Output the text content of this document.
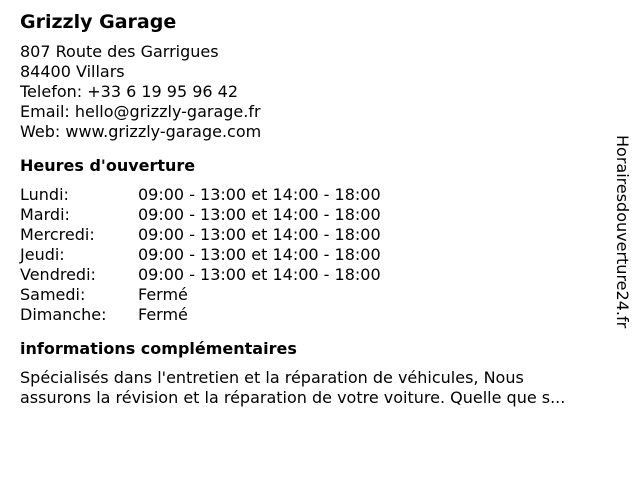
Grizzly Garage
807 Route des Garrigues
84400 Villars
Telefon: +33 6 19 95 96 42
Email: hello@grizzly-garage.fr
Web: www.grizzly-garage.com
Heures d'ouverture
Lundi:	09:00 - 13:00 et 14:00 - 18:00
Mardi:	09:00 - 13:00 et 14:00 - 18:00
Mercredi:	09:00 - 13:00 et 14:00 - 18:00
Jeudi:	09:00 - 13:00 et 14:00 - 18:00
Vendredi:	09:00 - 13:00 et 14:00 - 18:00
Samedi:	Fermé
Dimanche:	Fermé
informations complémentaires
Spécialisés dans l'entretien et la réparation de véhicules, Nous
assurons la révision et la réparation de votre voiture. Quelle que s...
Horairesdouverture24.fr
